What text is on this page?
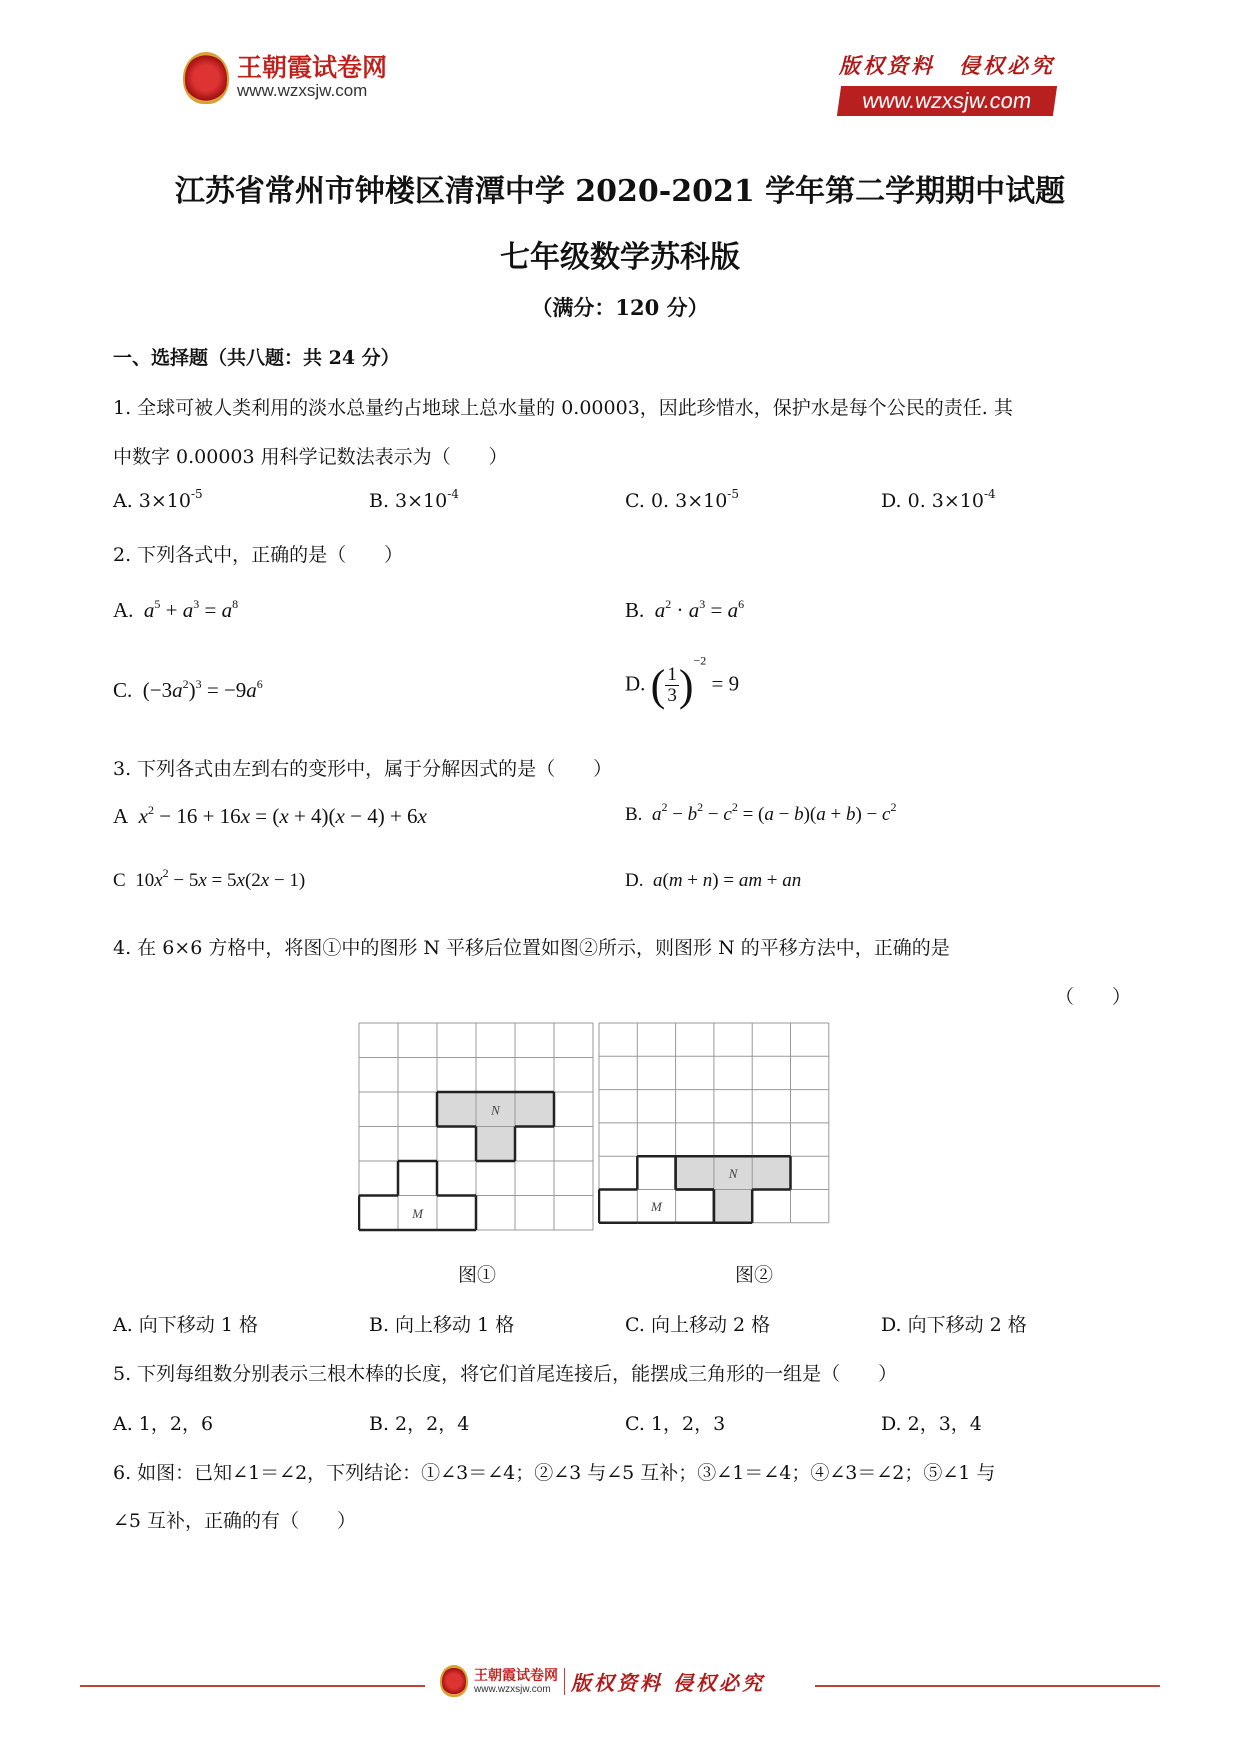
王朝霞试卷网
www.wzxsjw.com
版权资料　侵权必究
www.wzxsjw.com
江苏省常州市钟楼区清潭中学 2020-2021 学年第二学期期中试题
七年级数学苏科版
（满分：120 分）
一、选择题（共八题：共 24 分）
1. 全球可被人类利用的淡水总量约占地球上总水量的 0.00003，因此珍惜水，保护水是每个公民的责任. 其
中数字 0.00003 用科学记数法表示为（　　）
A. $3\times 10^{-5}$	B. $3\times 10^{-4}$	C. 0. $3\times 10^{-5}$	D. 0. $3\times 10^{-4}$
2. 下列各式中，正确的是（　　）
A. $a^5 + a^3 = a^8$	B. $a^2 \cdot a^3 = a^6$
C.  $(-3a^2)^3 = -9a^6$	D. ( $\frac{1}{3} )^{-2} = 9$
3. 下列各式由左到右的变形中，属于分解因式的是（　　）
A $x^2 - 16 + 16x = (x + 4)(x - 4) + 6x$	B. $a^2 - b^2 - c^2 = (a - b)(a + b) - c^2$
C  $10x^2 - 5x = 5x(2x - 1)$	D. a(m + n) = am + an
4. 在 6×6 方格中，将图①中的图形 N 平移后位置如图②所示，则图形 N 的平移方法中，正确的是
（　　）
N
M
N
M
图①	图②
A. 向下移动 1 格	B. 向上移动 1 格	C. 向上移动 2 格	D. 向下移动 2 格
5. 下列每组数分别表示三根木棒的长度，将它们首尾连接后，能摆成三角形的一组是（　　）
A. 1，2，6	B. 2，2，4	C. 1，2，3	D. 2，3，4
6. 如图：已知∠1＝∠2，下列结论：①∠3＝∠4；②∠3 与∠5 互补；③∠1＝∠4；④∠3＝∠2；⑤∠1 与
∠5 互补，正确的有（　　）
王朝霞试卷网
www.wzxsjw.com	版权资料 侵权必究
